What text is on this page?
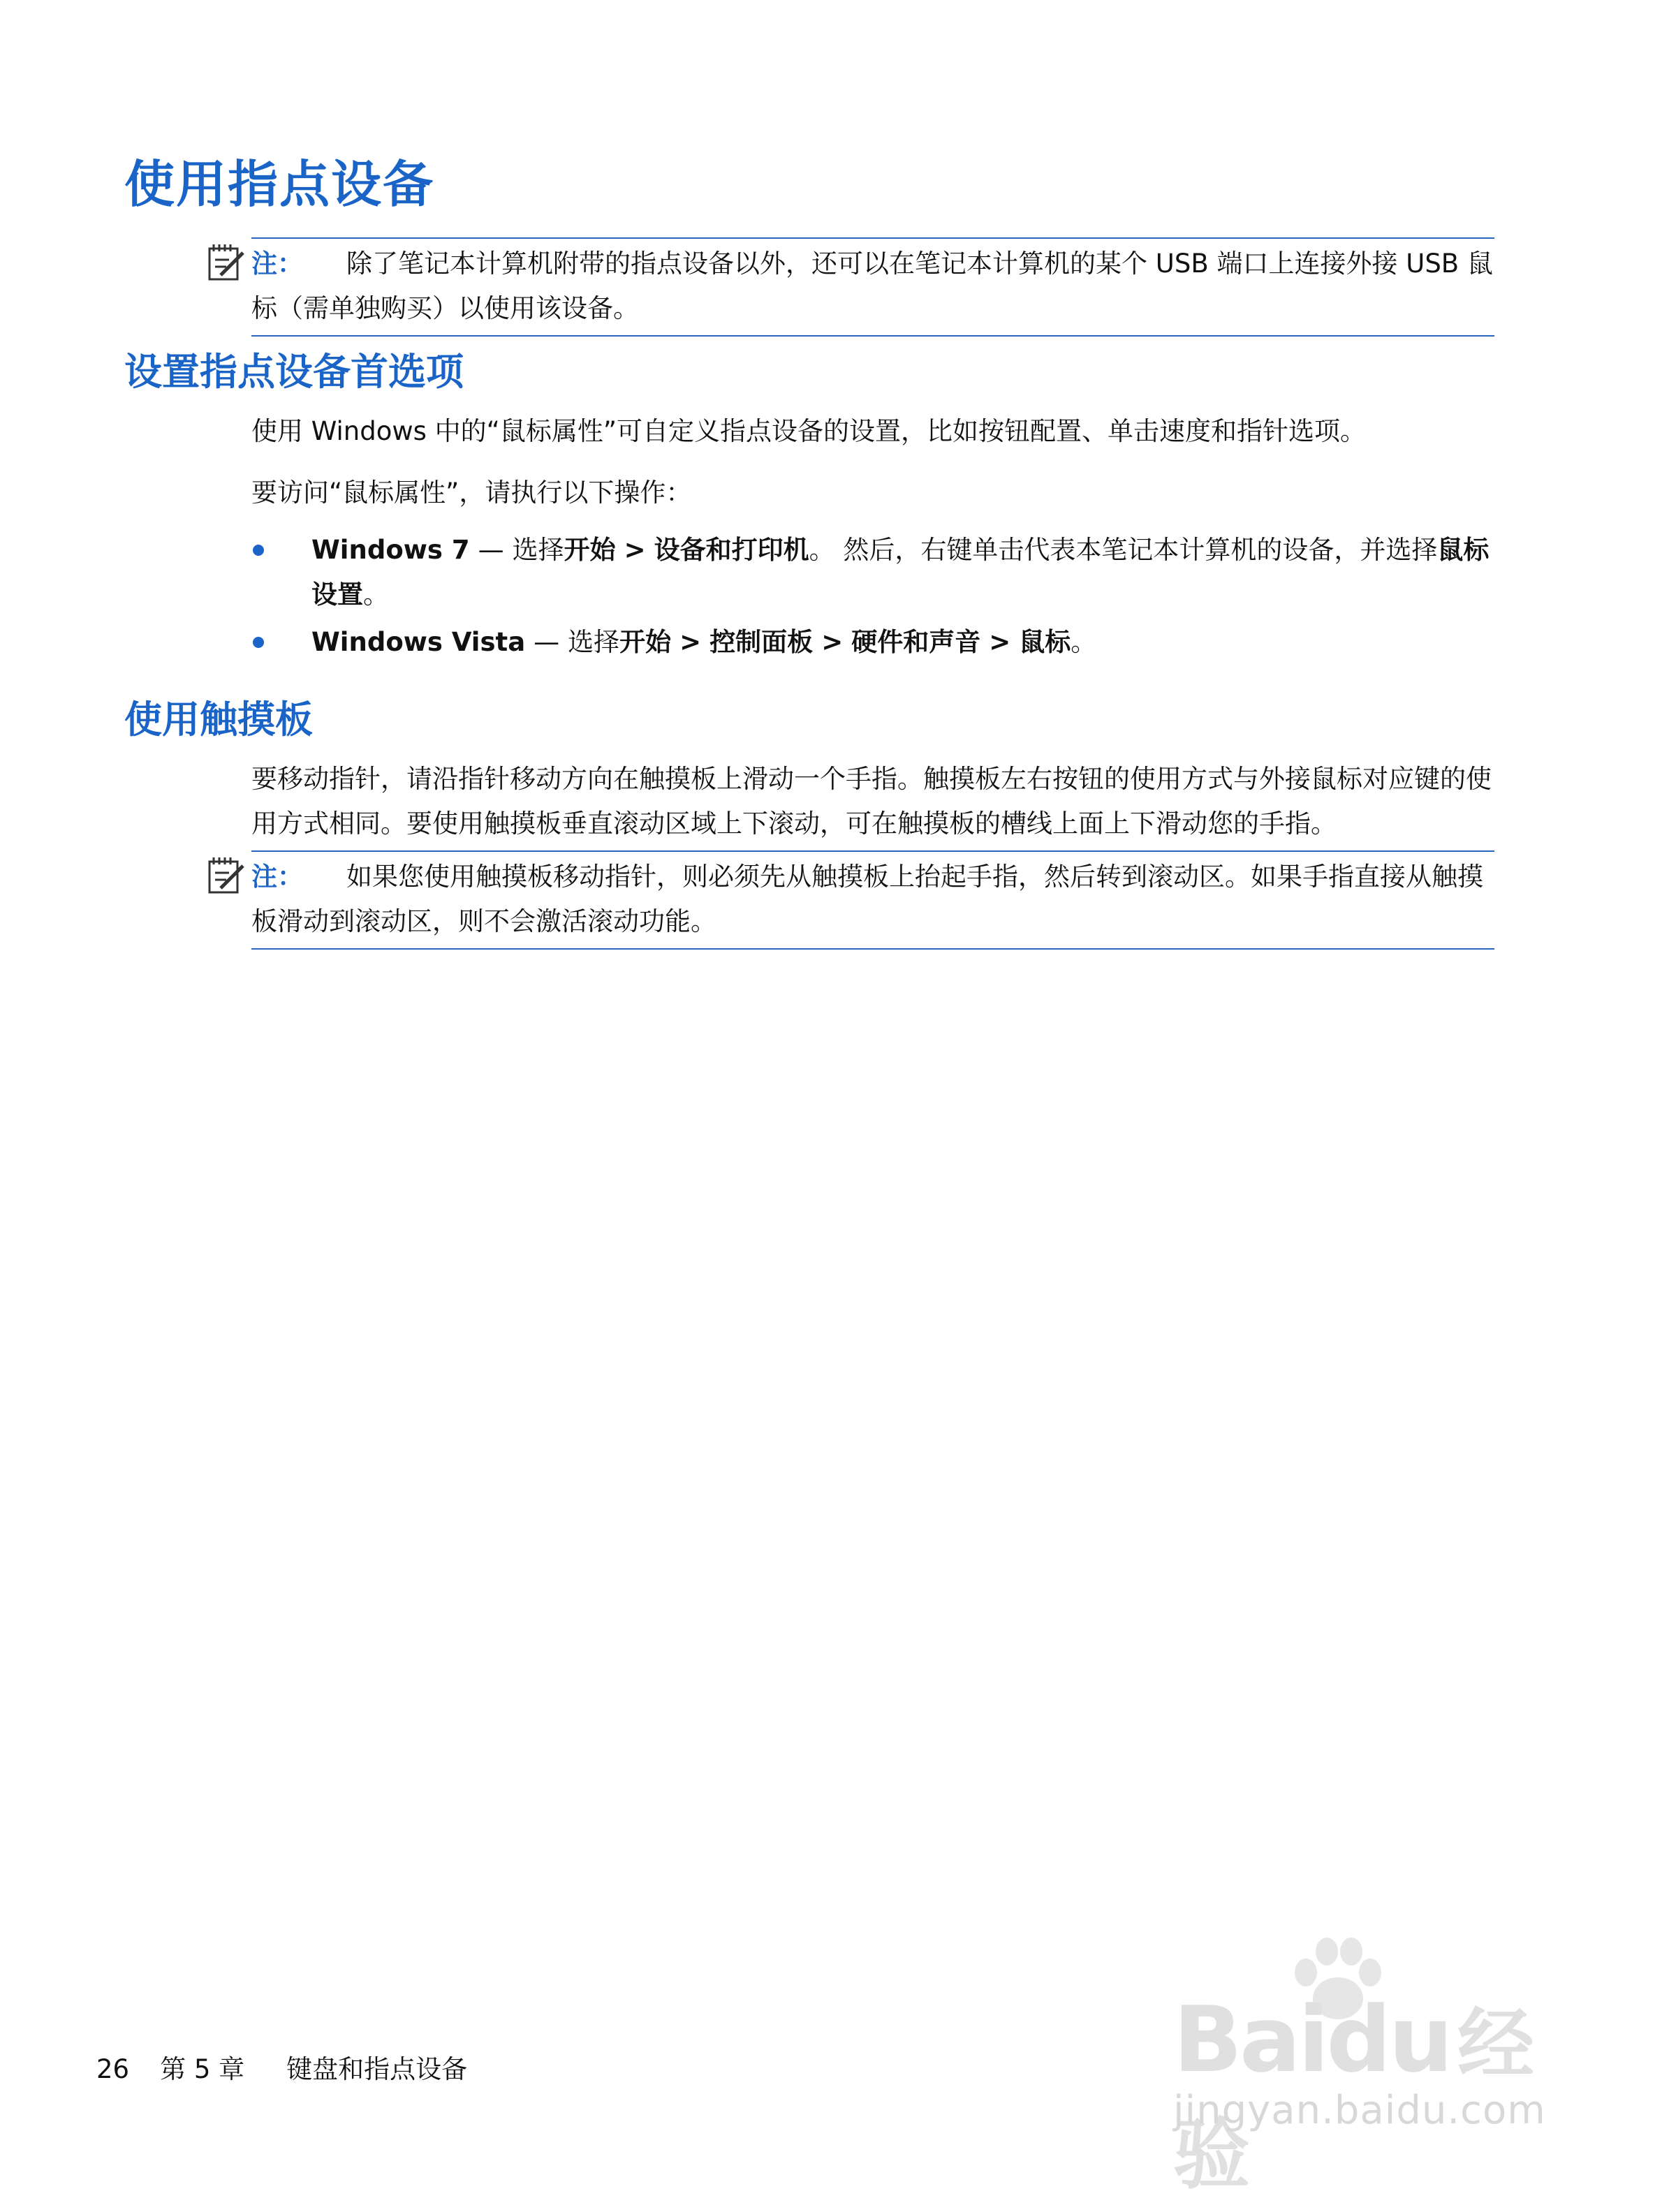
使用指点设备
注： 除了笔记本计算机附带的指点设备以外，还可以在笔记本计算机的某个 USB 端口上连接外接 USB 鼠标（需单独购买）以使用该设备。
设置指点设备首选项
使用 Windows 中的“鼠标属性”可自定义指点设备的设置，比如按钮配置、单击速度和指针选项。
要访问“鼠标属性”，请执行以下操作：
Windows 7 — 选择开始 > 设备和打印机。 然后，右键单击代表本笔记本计算机的设备，并选择鼠标设置。
Windows Vista — 选择开始 > 控制面板 > 硬件和声音 > 鼠标。
使用触摸板
要移动指针，请沿指针移动方向在触摸板上滑动一个手指。触摸板左右按钮的使用方式与外接鼠标对应键的使用方式相同。要使用触摸板垂直滚动区域上下滚动，可在触摸板的槽线上面上下滑动您的手指。
注： 如果您使用触摸板移动指针，则必须先从触摸板上抬起手指，然后转到滚动区。如果手指直接从触摸板滑动到滚动区，则不会激活滚动功能。
Baidu经验
jingyan.baidu.com
26 第 5 章 键盘和指点设备
